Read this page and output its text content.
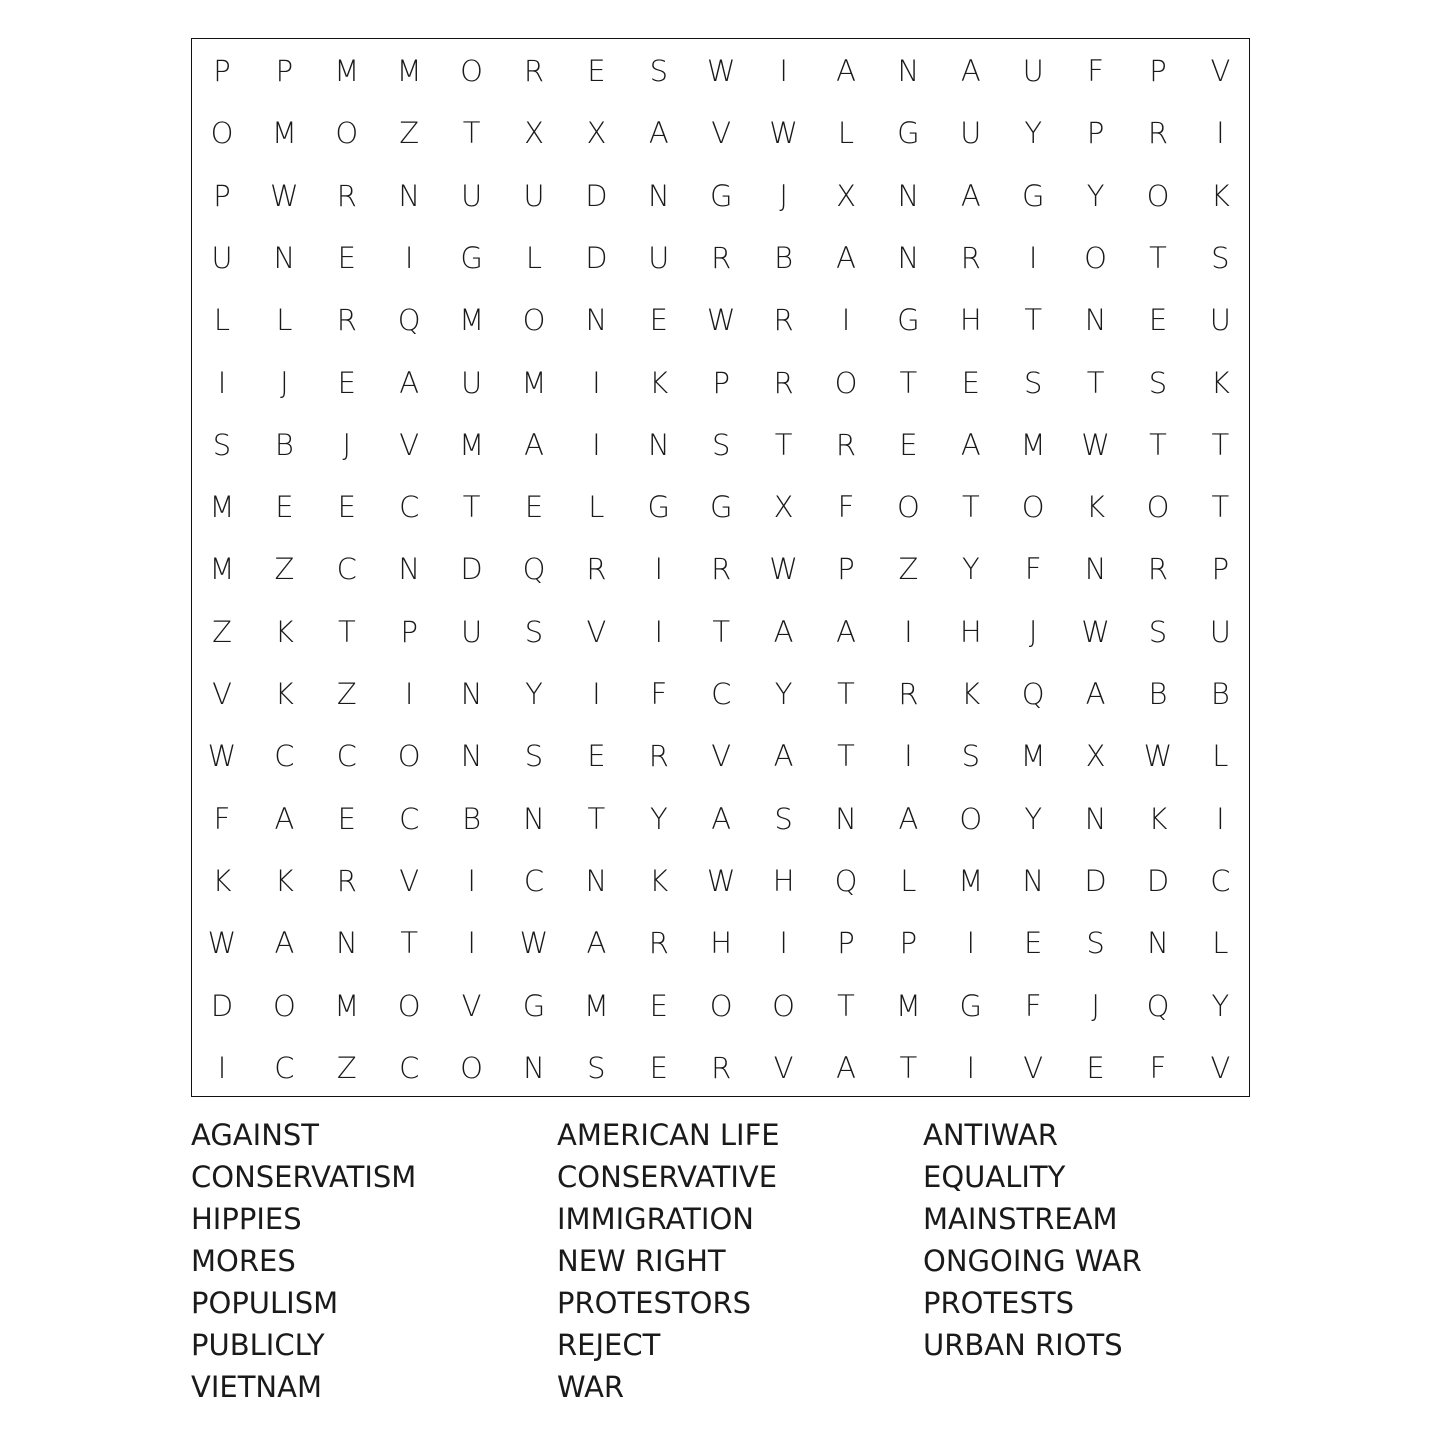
P	P	M M O	R	E	S	W	I	A	N	A	U	F	P	V
O M O	Z	T	X	X	A	V	W	L	G	U	Y	P	R	I
P	W	R	N	U	U	D	N	G	J	X	N	A	G	Y	O	K
U	N	E	I	G	L	D	U	R	B	A	N	R	I	O	T	S
L	L	R	Q M O	N	E	W	R	I	G	H	T	N	E	U
I	J	E	A	U	M	I	K	P	R	O	T	E	S	T	S	K
S	B	J	V	M	A	I	N	S	T	R	E	A	M W	T	T
M	E	E	C	T	E	L	G	G	X	F	O	T	O	K	O	T
M	Z	C	N	D	Q	R	I	R	W	P	Z	Y	F	N	R	P
Z	K	T	P	U	S	V	I	T	A	A	I	H	J	W	S	U
V	K	Z	I	N	Y	I	F	C	Y	T	R	K	Q	A	B	B
W	C	C	O	N	S	E	R	V	A	T	I	S	M	X	W	L
F	A	E	C	B	N	T	Y	A	S	N	A	O	Y	N	K	I
K	K	R	V	I	C	N	K	W	H	Q	L	M	N	D	D	C
W	A	N	T	I	W	A	R	H	I	P	P	I	E	S	N	L
D	O M O	V	G	M	E	O O	T	M	G	F	J	Q	Y
I	C	Z	C	O	N	S	E	R	V	A	T	I	V	E	F	V
AGAINST
CONSERVATISM
HIPPIES
MORES
POPULISM
PUBLICLY
VIETNAM
AMERICAN LIFE
CONSERVATIVE
IMMIGRATION
NEW RIGHT
PROTESTORS
REJECT
WAR
ANTIWAR
EQUALITY
MAINSTREAM
ONGOING WAR
PROTESTS
URBAN RIOTS
